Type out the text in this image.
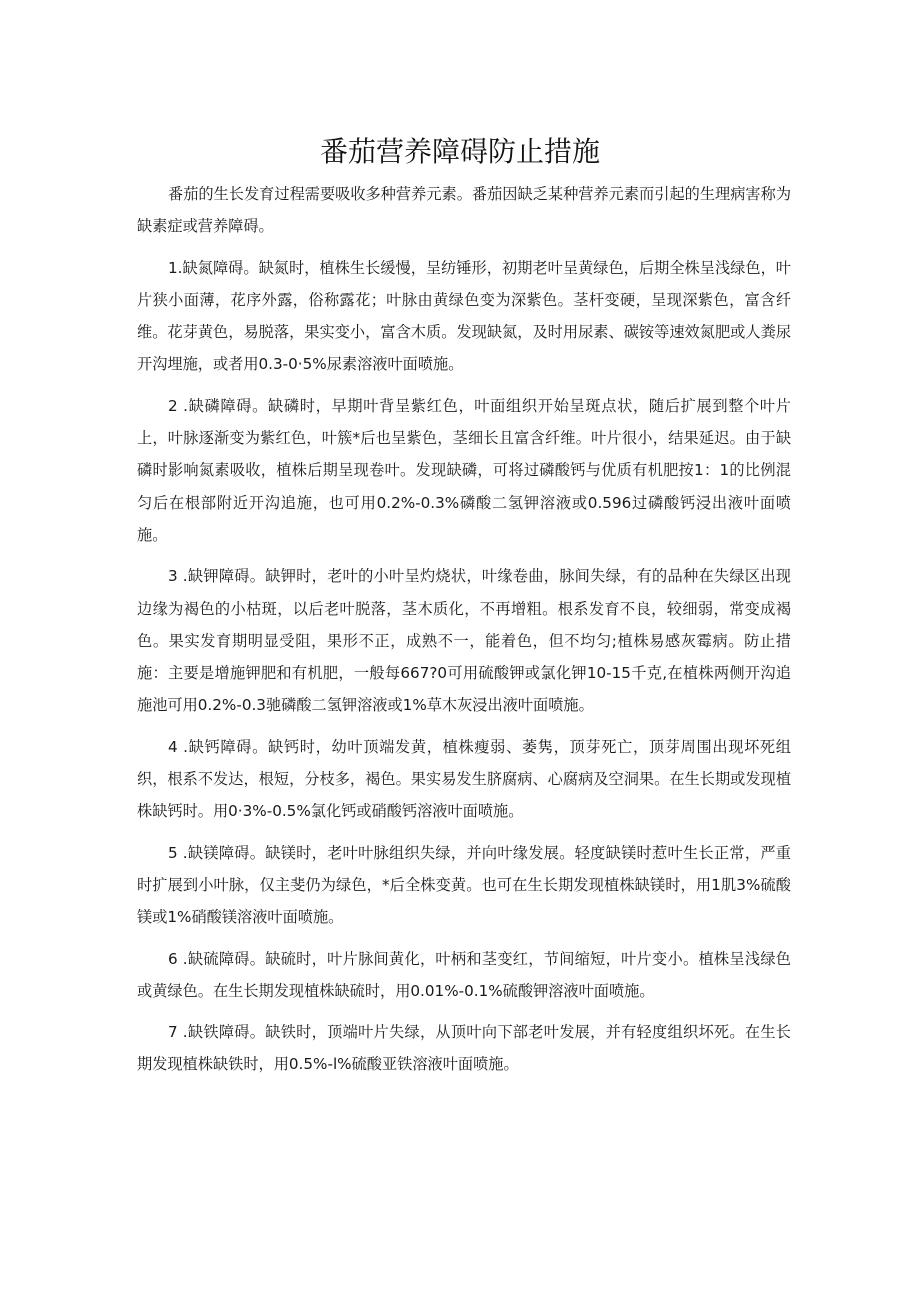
番茄营养障碍防止措施

番茄的生长发育过程需要吸收多种营养元素。番茄因缺乏某种营养元素而引起的生理病害称为缺素症或营养障碍。

1.缺氮障碍。缺氮时，植株生长缓慢，呈纺锤形，初期老叶呈黄绿色，后期全株呈浅绿色，叶片狭小面薄，花序外露，俗称露花；叶脉由黄绿色变为深紫色。茎杆变硬，呈现深紫色，富含纤维。花芽黄色，易脱落，果实变小，富含木质。发现缺氮，及时用尿素、碳铵等速效氮肥或人粪尿开沟埋施，或者用0.3-0·5%尿素溶液叶面喷施。

2 .缺磷障碍。缺磷时，早期叶背呈紫红色，叶面组织开始呈斑点状，随后扩展到整个叶片上，叶脉逐渐变为紫红色，叶簇*后也呈紫色，茎细长且富含纤维。叶片很小，结果延迟。由于缺磷时影响氮素吸收，植株后期呈现卷叶。发现缺磷，可将过磷酸钙与优质有机肥按1：1的比例混匀后在根部附近开沟追施，也可用0.2%-0.3%磷酸二氢钾溶液或0.596过磷酸钙浸出液叶面喷施。

3 .缺钾障碍。缺钾时，老叶的小叶呈灼烧状，叶缘卷曲，脉间失绿，有的品种在失绿区出现边缘为褐色的小枯斑，以后老叶脱落，茎木质化，不再增粗。根系发育不良，较细弱，常变成褐色。果实发育期明显受阻，果形不正，成熟不一，能着色，但不均匀;植株易感灰霉病。防止措施：主要是增施钾肥和有机肥，一般每667?0可用硫酸钾或氯化钾10-15千克,在植株两侧开沟追施池可用0.2%-0.3驰磷酸二氢钾溶液或1%草木灰浸出液叶面喷施。

4 .缺钙障碍。缺钙时，幼叶顶端发黄，植株瘦弱、萎隽，顶芽死亡，顶芽周围出现坏死组织，根系不发达，根短，分枝多，褐色。果实易发生脐腐病、心腐病及空洞果。在生长期或发现植株缺钙时。用0·3%-0.5%氯化钙或硝酸钙溶液叶面喷施。

5 .缺镁障碍。缺镁时，老叶叶脉组织失绿，并向叶缘发展。轻度缺镁时惹叶生长正常，严重时扩展到小叶脉，仅主斐仍为绿色，*后全株变黄。也可在生长期发现植株缺镁时，用1肌3%硫酸镁或1%硝酸镁溶液叶面喷施。

6 .缺硫障碍。缺硫时，叶片脉间黄化，叶柄和茎变红，节间缩短，叶片变小。植株呈浅绿色或黄绿色。在生长期发现植株缺硫时，用0.01%-0.1%硫酸钾溶液叶面喷施。

7 .缺铁障碍。缺铁时，顶端叶片失绿，从顶叶向下部老叶发展，并有轻度组织坏死。在生长期发现植株缺铁时，用0.5%-l%硫酸亚铁溶液叶面喷施。
